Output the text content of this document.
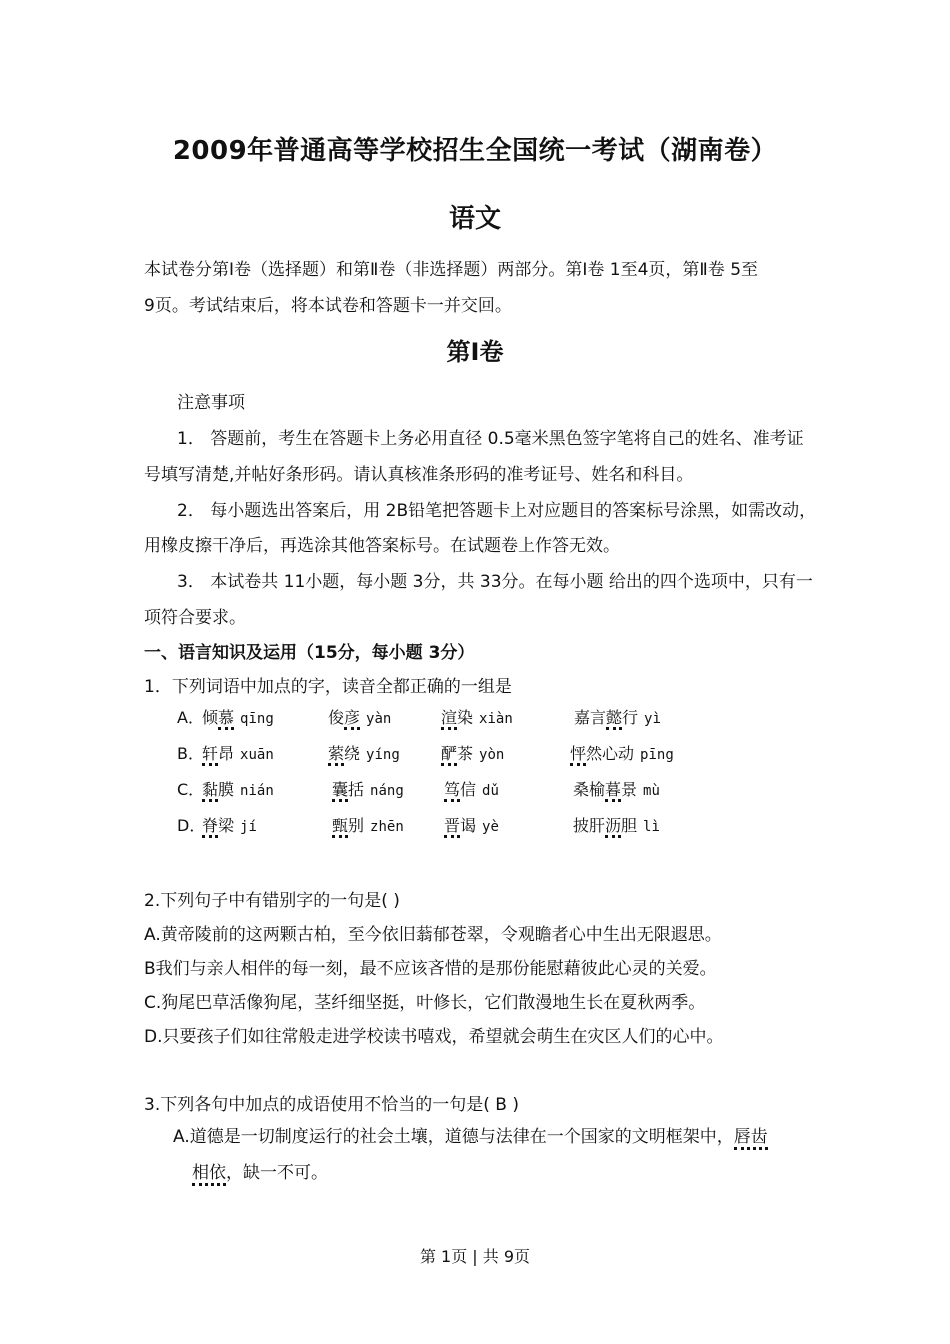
2009年普通高等学校招生全国统一考试（湖南卷）
语文
本试卷分第Ⅰ卷（选择题）和第Ⅱ卷（非选择题）两部分。第Ⅰ卷 1至4页，第Ⅱ卷 5至
9页。考试结束后，将本试卷和答题卡一并交回。
第Ⅰ卷
注意事项
1． 答题前，考生在答题卡上务必用直径 0.5毫米黑色签字笔将自己的姓名、准考证
号填写清楚,并帖好条形码。请认真核准条形码的准考证号、姓名和科目。
2． 每小题选出答案后，用 2B铅笔把答题卡上对应题目的答案标号涂黑，如需改动，
用橡皮擦干净后，再选涂其他答案标号。在试题卷上作答无效。
3． 本试卷共 11小题，每小题 3分，共 33分。在每小题 给出的四个选项中，只有一
项符合要求。
一、语言知识及运用（15分，每小题 3分）
1．下列词语中加点的字，读音全都正确的一组是
A．
倾慕 qīng	俊彦 yàn	渲染 xiàn	嘉言懿行 yì
B．
轩昂 xuān	萦绕 yíng	酽茶 yòn	怦然心动 pīng
C．
黏膜 nián	囊括 náng	笃信 dǔ	桑榆暮景 mù
D．
脊梁 jí	甄别 zhēn	晋谒 yè	披肝沥胆 lì
2.下列句子中有错别字的一句是( )
A.黄帝陵前的这两颗古柏，至今依旧蓊郁苍翠，令观瞻者心中生出无限遐思。
B我们与亲人相伴的每一刻，最不应该吝惜的是那份能慰藉彼此心灵的关爱。
C.狗尾巴草活像狗尾，茎纤细坚挺，叶修长，它们散漫地生长在夏秋两季。
D.只要孩子们如往常般走进学校读书嘻戏，希望就会萌生在灾区人们的心中。
3.下列各句中加点的成语使用不恰当的一句是( B )
A.道德是一切制度运行的社会土壤，道德与法律在一个国家的文明框架中，唇齿
相依，缺一不可。
第 1页 | 共 9页
